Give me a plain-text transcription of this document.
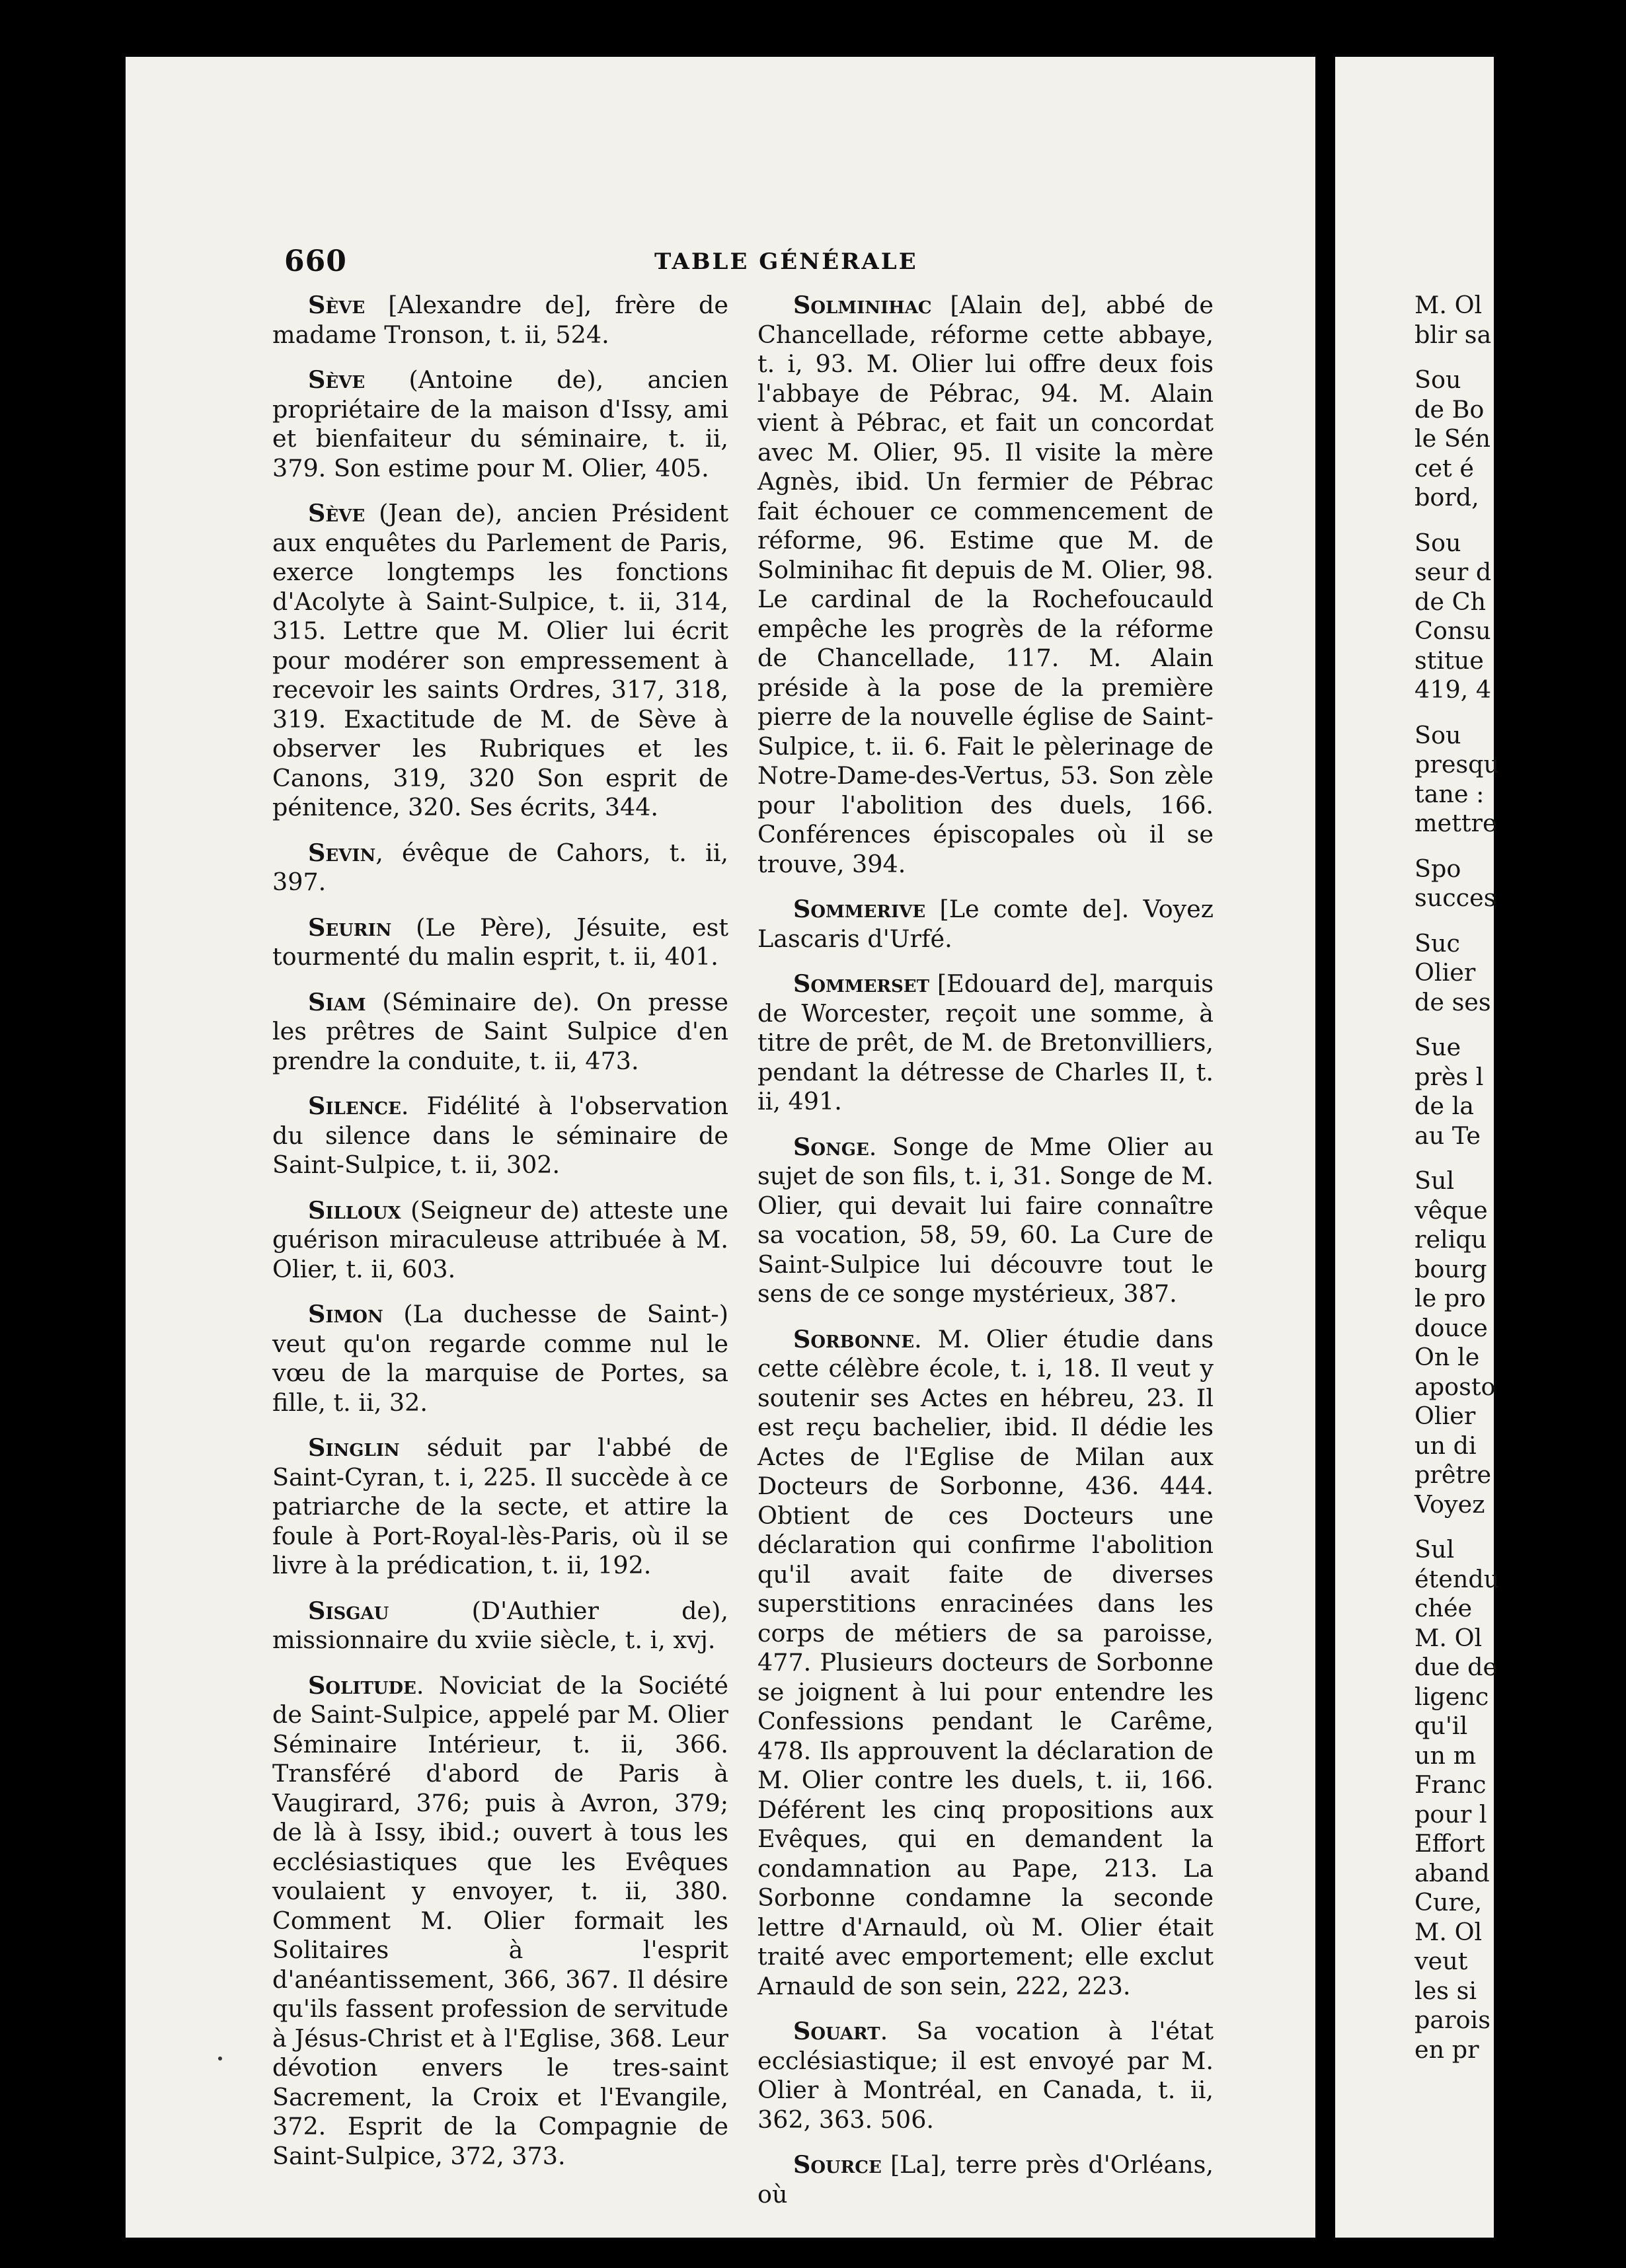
660	TABLE GÉNÉRALE

Sève [Alexandre de], frère de madame Tronson, t. ii, 524.

Sève (Antoine de), ancien propriétaire de la maison d'Issy, ami et bienfaiteur du séminaire, t. ii, 379. Son estime pour M. Olier, 405.

Sève (Jean de), ancien Président aux enquêtes du Parlement de Paris, exerce longtemps les fonctions d'Acolyte à Saint-Sulpice, t. ii, 314, 315. Lettre que M. Olier lui écrit pour modérer son empressement à recevoir les saints Ordres, 317, 318, 319. Exactitude de M. de Sève à observer les Rubriques et les Canons, 319, 320 Son esprit de pénitence, 320. Ses écrits, 344.

Sevin, évêque de Cahors, t. ii, 397.

Seurin (Le Père), Jésuite, est tourmenté du malin esprit, t. ii, 401.

Siam (Séminaire de). On presse les prêtres de Saint Sulpice d'en prendre la conduite, t. ii, 473.

Silence. Fidélité à l'observation du silence dans le séminaire de Saint-Sulpice, t. ii, 302.

Silloux (Seigneur de) atteste une guérison miraculeuse attribuée à M. Olier, t. ii, 603.

Simon (La duchesse de Saint-) veut qu'on regarde comme nul le vœu de la marquise de Portes, sa fille, t. ii, 32.

Singlin séduit par l'abbé de Saint-Cyran, t. i, 225. Il succède à ce patriarche de la secte, et attire la foule à Port-Royal-lès-Paris, où il se livre à la prédication, t. ii, 192.

Sisgau (D'Authier de), missionnaire du xviie siècle, t. i, xvj.

Solitude. Noviciat de la Société de Saint-Sulpice, appelé par M. Olier Séminaire Intérieur, t. ii, 366. Transféré d'abord de Paris à Vaugirard, 376; puis à Avron, 379; de là à Issy, ibid.; ouvert à tous les ecclésiastiques que les Evêques voulaient y envoyer, t. ii, 380. Comment M. Olier formait les Solitaires à l'esprit d'anéantissement, 366, 367. Il désire qu'ils fassent profession de servitude à Jésus-Christ et à l'Eglise, 368. Leur dévotion envers le tres-saint Sacrement, la Croix et l'Evangile, 372. Esprit de la Compagnie de Saint-Sulpice, 372, 373.

Solminihac [Alain de], abbé de Chancellade, réforme cette abbaye, t. i, 93. M. Olier lui offre deux fois l'abbaye de Pébrac, 94. M. Alain vient à Pébrac, et fait un concordat avec M. Olier, 95. Il visite la mère Agnès, ibid. Un fermier de Pébrac fait échouer ce commencement de réforme, 96. Estime que M. de Solminihac fit depuis de M. Olier, 98. Le cardinal de la Rochefoucauld empêche les progrès de la réforme de Chancellade, 117. M. Alain préside à la pose de la première pierre de la nouvelle église de Saint-Sulpice, t. ii. 6. Fait le pèlerinage de Notre-Dame-des-Vertus, 53. Son zèle pour l'abolition des duels, 166. Conférences épiscopales où il se trouve, 394.

Sommerive [Le comte de]. Voyez Lascaris d'Urfé.

Sommerset [Edouard de], marquis de Worcester, reçoit une somme, à titre de prêt, de M. de Bretonvilliers, pendant la détresse de Charles II, t. ii, 491.

Songe. Songe de Mme Olier au sujet de son fils, t. i, 31. Songe de M. Olier, qui devait lui faire connaître sa vocation, 58, 59, 60. La Cure de Saint-Sulpice lui découvre tout le sens de ce songe mystérieux, 387.

Sorbonne. M. Olier étudie dans cette célèbre école, t. i, 18. Il veut y soutenir ses Actes en hébreu, 23. Il est reçu bachelier, ibid. Il dédie les Actes de l'Eglise de Milan aux Docteurs de Sorbonne, 436. 444. Obtient de ces Docteurs une déclaration qui confirme l'abolition qu'il avait faite de diverses superstitions enracinées dans les corps de métiers de sa paroisse, 477. Plusieurs docteurs de Sorbonne se joignent à lui pour entendre les Confessions pendant le Carême, 478. Ils approuvent la déclaration de M. Olier contre les duels, t. ii, 166. Déférent les cinq propositions aux Evêques, qui en demandent la condamnation au Pape, 213. La Sorbonne condamne la seconde lettre d'Arnauld, où M. Olier était traité avec emportement; elle exclut Arnauld de son sein, 222, 223.

Souart. Sa vocation à l'état ecclésiastique; il est envoyé par M. Olier à Montréal, en Canada, t. ii, 362, 363. 506.

Source [La], terre près d'Orléans, où

M. Ol
blir sa
Sou
de Bo
le Sén
cet é
bord,
Sou
seur d
de Ch
Consu
stitue
419, 4
Sou
presqu
tane :
mettre
Spo
succes
Suc
Olier
de ses
Sue
près l
de la
au Te
Sul
vêque
reliqu
bourg
le pro
douce
On le
aposto
Olier
un di
prêtre
Voyez
Sul
étendu
chée
M. Ol
due de
ligenc
qu'il
un m
Franc
pour l
Effort
aband
Cure,
M. Ol
veut
les si
parois
en pr
